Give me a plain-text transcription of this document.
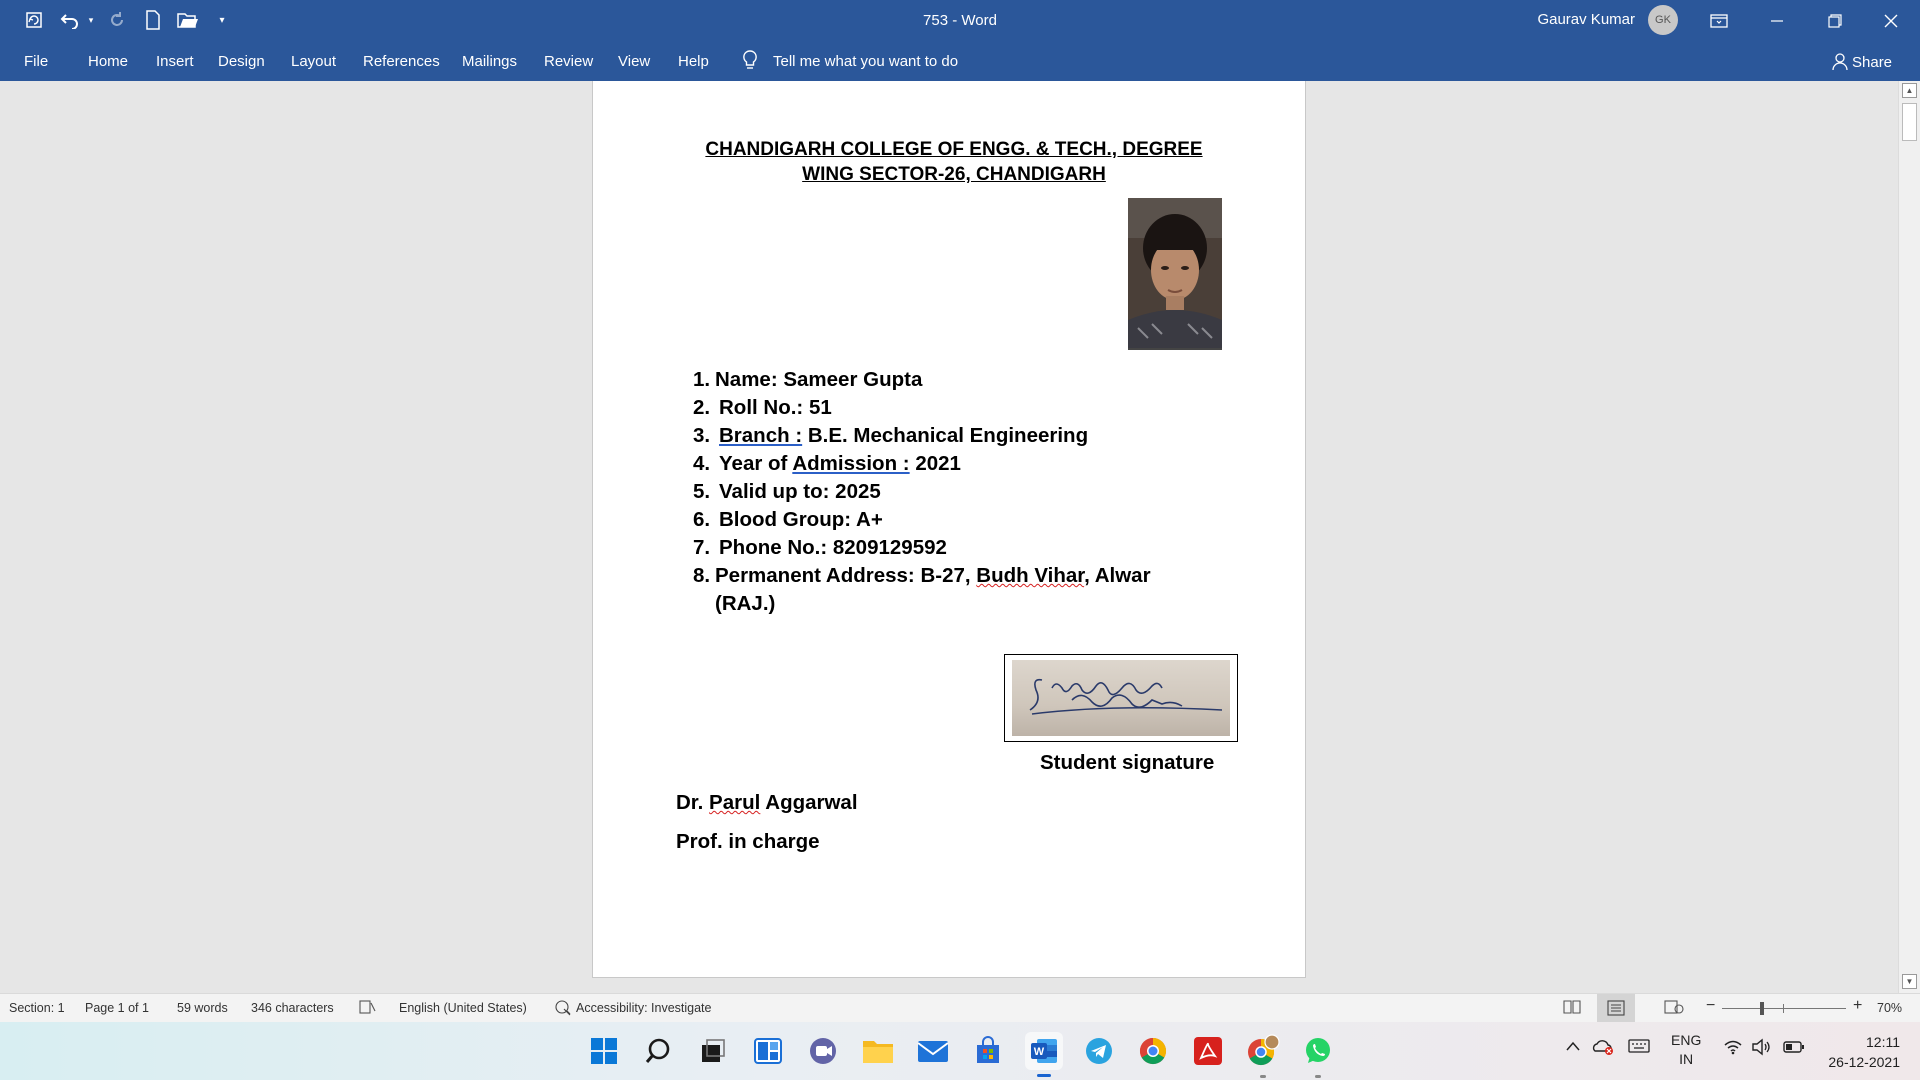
▾	▾	753 - Word	Gaurav Kumar	GK
File	Home Insert Design Layout References Mailings Review View Help	Tell me what you want to do	Share
CHANDIGARH COLLEGE OF ENGG. & TECH., DEGREE
WING SECTOR-26, CHANDIGARH
1. Name: Sameer Gupta
2. Roll No.: 51
3. Branch : B.E. Mechanical Engineering
4. Year of Admission : 2021
5. Valid up to: 2025
6. Blood Group: A+
7. Phone No.: 8209129592
8. Permanent Address: B-27, Budh Vihar, Alwar
(RAJ.)
Student signature
Dr. Parul Aggarwal
Prof. in charge
▲
▼
Section: 1 Page 1 of 1 59 words 346 characters	English (United States)	Accessibility: Investigate	−	+ 70%
W
ENG
IN
12:11
26-12-2021
